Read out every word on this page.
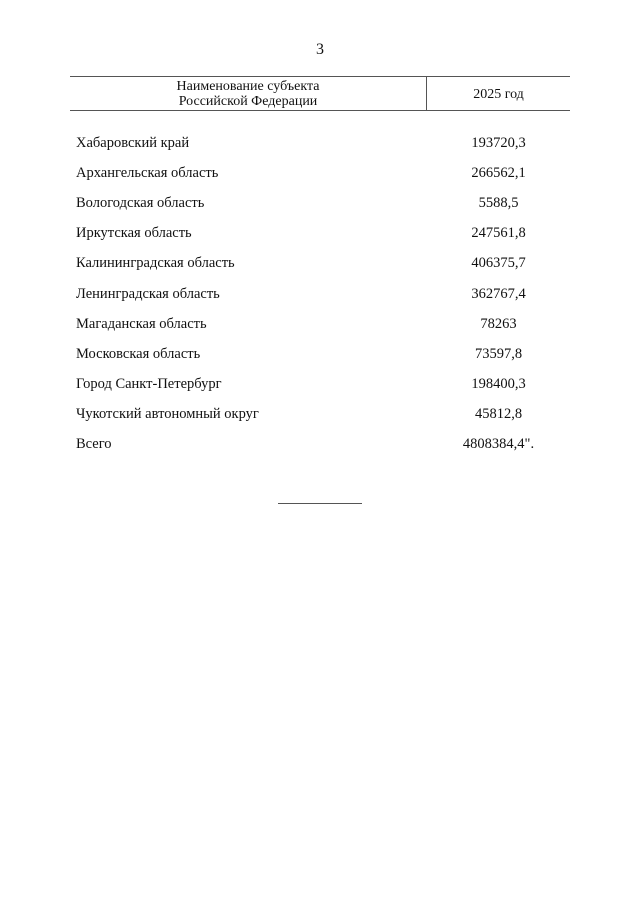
3
Наименование субъекта
Российской Федерации	2025 год
Хабаровский край	193720,3
Архангельская область	266562,1
Вологодская область	5588,5
Иркутская область	247561,8
Калининградская область	406375,7
Ленинградская область	362767,4
Магаданская область	78263
Московская область	73597,8
Город Санкт-Петербург	198400,3
Чукотский автономный округ	45812,8
Всего	4808384,4".
